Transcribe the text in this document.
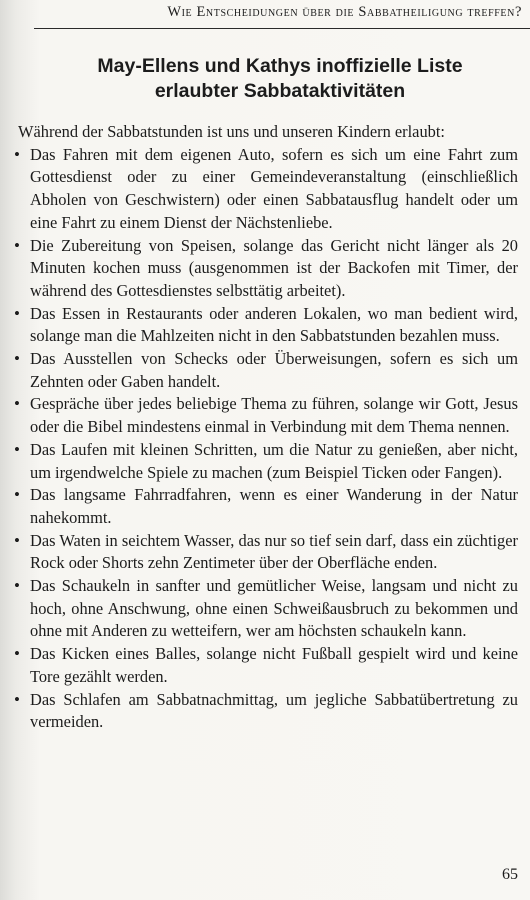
Wie Entscheidungen über die Sabbatheiligung treffen?
May-Ellens und Kathys inoffizielle Liste
erlaubter Sabbataktivitäten

Während der Sabbatstunden ist uns und unseren Kindern erlaubt:

• Das Fahren mit dem eigenen Auto, sofern es sich um eine Fahrt zum Gottesdienst oder zu einer Gemeindeveranstaltung (einschließlich Abholen von Geschwistern) oder einen Sabbatausflug handelt oder um eine Fahrt zu einem Dienst der Nächstenliebe.
• Die Zubereitung von Speisen, solange das Gericht nicht länger als 20 Minuten kochen muss (ausgenommen ist der Backofen mit Timer, der während des Gottesdienstes selbsttätig arbeitet).
• Das Essen in Restaurants oder anderen Lokalen, wo man bedient wird, solange man die Mahlzeiten nicht in den Sabbatstunden bezahlen muss.
• Das Ausstellen von Schecks oder Überweisungen, sofern es sich um Zehnten oder Gaben handelt.
• Gespräche über jedes beliebige Thema zu führen, solange wir Gott, Jesus oder die Bibel mindestens einmal in Verbindung mit dem Thema nennen.
• Das Laufen mit kleinen Schritten, um die Natur zu genießen, aber nicht, um irgendwelche Spiele zu machen (zum Beispiel Ticken oder Fangen).
• Das langsame Fahrradfahren, wenn es einer Wanderung in der Natur nahekommt.
• Das Waten in seichtem Wasser, das nur so tief sein darf, dass ein züchtiger Rock oder Shorts zehn Zentimeter über der Oberfläche enden.
• Das Schaukeln in sanfter und gemütlicher Weise, langsam und nicht zu hoch, ohne Anschwung, ohne einen Schweißausbruch zu bekommen und ohne mit Anderen zu wetteifern, wer am höchsten schaukeln kann.
• Das Kicken eines Balles, solange nicht Fußball gespielt wird und keine Tore gezählt werden.
• Das Schlafen am Sabbatnachmittag, um jegliche Sabbatübertretung zu vermeiden.
65
